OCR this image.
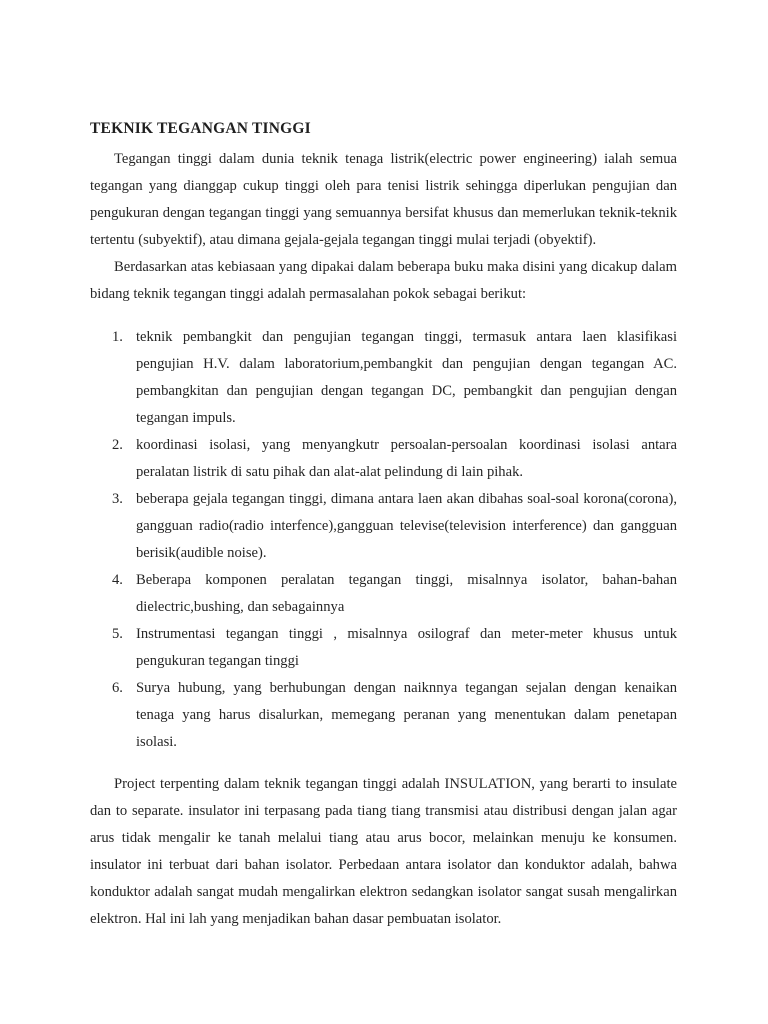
TEKNIK TEGANGAN TINGGI

Tegangan tinggi dalam dunia teknik tenaga listrik(electric power engineering) ialah semua tegangan yang dianggap cukup tinggi oleh para tenisi listrik sehingga diperlukan pengujian dan pengukuran dengan tegangan tinggi yang semuannya bersifat khusus dan memerlukan teknik-teknik tertentu (subyektif), atau dimana gejala-gejala tegangan tinggi mulai terjadi (obyektif).

Berdasarkan atas kebiasaan yang dipakai dalam beberapa buku maka disini yang dicakup dalam bidang teknik tegangan tinggi adalah permasalahan pokok sebagai berikut:

1. teknik pembangkit dan pengujian tegangan tinggi, termasuk antara laen klasifikasi pengujian H.V. dalam laboratorium,pembangkit dan pengujian dengan tegangan AC. pembangkitan dan pengujian dengan tegangan DC, pembangkit dan pengujian dengan tegangan impuls.
2. koordinasi isolasi, yang menyangkutr persoalan-persoalan koordinasi isolasi antara peralatan listrik di satu pihak dan alat-alat pelindung di lain pihak.
3. beberapa gejala tegangan tinggi, dimana antara laen akan dibahas soal-soal korona(corona), gangguan radio(radio interfence),gangguan televise(television interference) dan gangguan berisik(audible noise).
4. Beberapa komponen peralatan tegangan tinggi, misalnnya isolator, bahan-bahan dielectric,bushing, dan sebagainnya
5. Instrumentasi tegangan tinggi , misalnnya osilograf dan meter-meter khusus untuk pengukuran tegangan tinggi
6. Surya hubung, yang berhubungan dengan naiknnya tegangan sejalan dengan kenaikan tenaga yang harus disalurkan, memegang peranan yang menentukan dalam penetapan isolasi.

Project terpenting dalam teknik tegangan tinggi adalah INSULATION, yang berarti to insulate dan to separate. insulator ini terpasang pada tiang tiang transmisi atau distribusi dengan jalan agar arus tidak mengalir ke tanah melalui tiang atau arus bocor, melainkan menuju ke konsumen. insulator ini terbuat dari bahan isolator. Perbedaan antara isolator dan konduktor adalah, bahwa konduktor adalah sangat mudah mengalirkan elektron sedangkan isolator sangat susah mengalirkan elektron. Hal ini lah yang menjadikan bahan dasar pembuatan isolator.
